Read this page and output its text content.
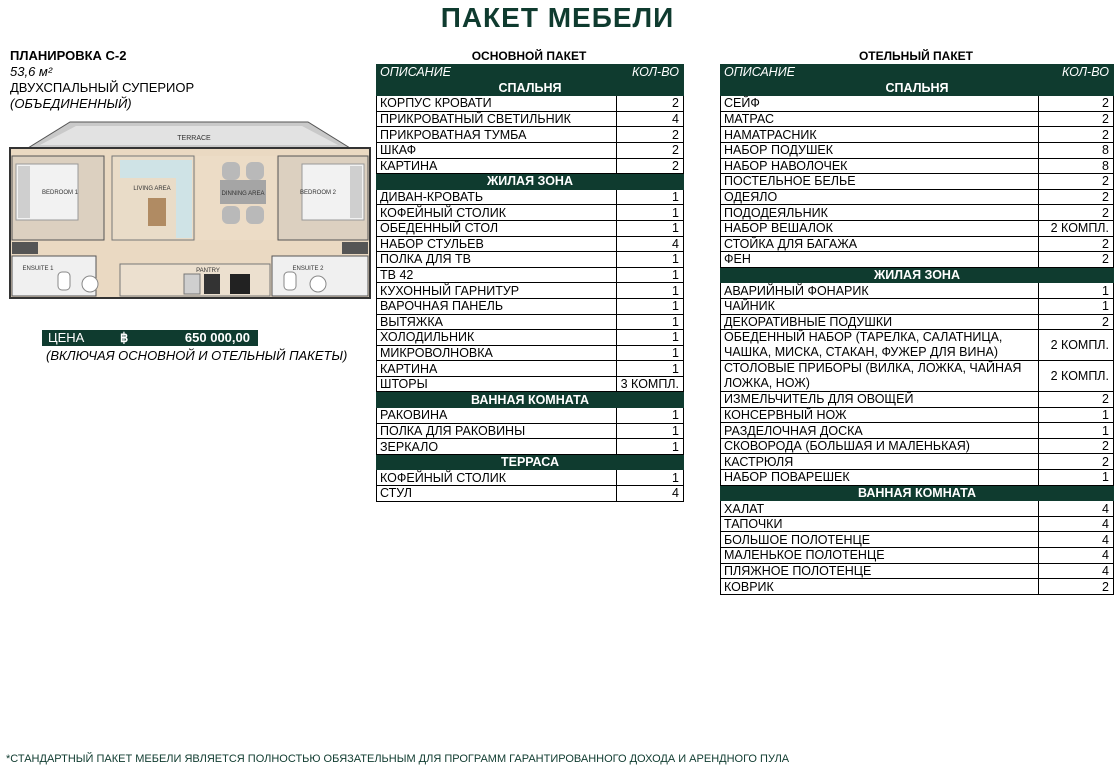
ПАКЕТ МЕБЕЛИ
ПЛАНИРОВКА С-2
53,6 м²
ДВУХСПАЛЬНЫЙ СУПЕРИОР
(ОБЪЕДИНЕННЫЙ)
TERRACE
BEDROOM 1
LIVING AREA
DINNING AREA	BEDROOM 2
ENSUITE 1	PANTRY	ENSUITE 2
ЦЕНА	฿	650 000,00
(ВКЛЮЧАЯ ОСНОВНОЙ И ОТЕЛЬНЫЙ ПАКЕТЫ)
ОСНОВНОЙ ПАКЕТ
ОПИСАНИЕ	КОЛ-ВО
СПАЛЬНЯ	
КОРПУС КРОВАТИ	2
ПРИКРОВАТНЫЙ СВЕТИЛЬНИК	4
ПРИКРОВАТНАЯ ТУМБА	2
ШКАФ	2
КАРТИНА	2
ЖИЛАЯ ЗОНА	
ДИВАН-КРОВАТЬ	1
КОФЕЙНЫЙ СТОЛИК	1
ОБЕДЕННЫЙ СТОЛ	1
НАБОР СТУЛЬЕВ	4
ПОЛКА ДЛЯ ТВ	1
ТВ 42	1
КУХОННЫЙ ГАРНИТУР	1
ВАРОЧНАЯ ПАНЕЛЬ	1
ВЫТЯЖКА	1
ХОЛОДИЛЬНИК	1
МИКРОВОЛНОВКА	1
КАРТИНА	1
ШТОРЫ	3 КОМПЛ.
ВАННАЯ КОМНАТА	
РАКОВИНА	1
ПОЛКА ДЛЯ РАКОВИНЫ	1
ЗЕРКАЛО	1
ТЕРРАСА	
КОФЕЙНЫЙ СТОЛИК	1
СТУЛ	4
ОТЕЛЬНЫЙ ПАКЕТ
ОПИСАНИЕ	КОЛ-ВО
СПАЛЬНЯ	
СЕЙФ	2
МАТРАС	2
НАМАТРАСНИК	2
НАБОР ПОДУШЕК	8
НАБОР НАВОЛОЧЕК	8
ПОСТЕЛЬНОЕ БЕЛЬЕ	2
ОДЕЯЛО	2
ПОДОДЕЯЛЬНИК	2
НАБОР ВЕШАЛОК	2 КОМПЛ.
СТОЙКА ДЛЯ БАГАЖА	2
ФЕН	2
ЖИЛАЯ ЗОНА	
АВАРИЙНЫЙ ФОНАРИК	1
ЧАЙНИК	1
ДЕКОРАТИВНЫЕ ПОДУШКИ	2
ОБЕДЕННЫЙ НАБОР (ТАРЕЛКА, САЛАТНИЦА, ЧАШКА, МИСКА, СТАКАН, ФУЖЕР ДЛЯ ВИНА)	2 КОМПЛ.
СТОЛОВЫЕ ПРИБОРЫ (ВИЛКА, ЛОЖКА, ЧАЙНАЯ ЛОЖКА, НОЖ)	2 КОМПЛ.
ИЗМЕЛЬЧИТЕЛЬ ДЛЯ ОВОЩЕЙ	2
КОНСЕРВНЫЙ НОЖ	1
РАЗДЕЛОЧНАЯ ДОСКА	1
СКОВОРОДА (БОЛЬШАЯ И МАЛЕНЬКАЯ)	2
КАСТРЮЛЯ	2
НАБОР ПОВАРЕШЕК	1
ВАННАЯ КОМНАТА	
ХАЛАТ	4
ТАПОЧКИ	4
БОЛЬШОЕ ПОЛОТЕНЦЕ	4
МАЛЕНЬКОЕ ПОЛОТЕНЦЕ	4
ПЛЯЖНОЕ ПОЛОТЕНЦЕ	4
КОВРИК	2
*СТАНДАРТНЫЙ ПАКЕТ МЕБЕЛИ ЯВЛЯЕТСЯ ПОЛНОСТЬЮ ОБЯЗАТЕЛЬНЫМ ДЛЯ ПРОГРАММ ГАРАНТИРОВАННОГО ДОХОДА И АРЕНДНОГО ПУЛА
